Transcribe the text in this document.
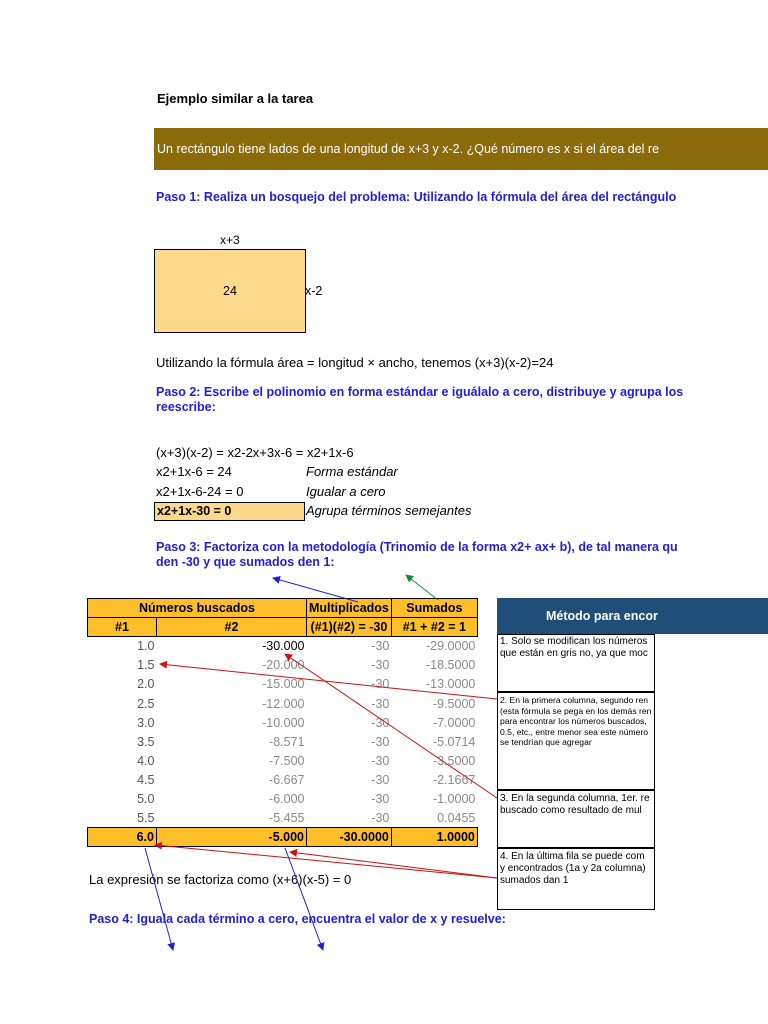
Ejemplo similar a la tarea
Un rectángulo tiene lados de una longitud de x+3 y x-2. ¿Qué número es x si el área del re
Paso 1: Realiza un bosquejo del problema: Utilizando la fórmula del área del rectángulo
x+3
24	x-2
Utilizando la fórmula área = longitud × ancho, tenemos (x+3)(x-2)=24
Paso 2: Escribe el polinomio en forma estándar e iguálalo a cero, distribuye y agrupa los
reescribe:
(x+3)(x-2) = x2-2x+3x-6 = x2+1x-6
x2+1x-6 = 24	Forma estándar
x2+1x-6-24 = 0	Igualar a cero
x2+1x-30 = 0	Agrupa términos semejantes
Paso 3: Factoriza con la metodología (Trinomio de la forma x2+ ax+ b), de tal manera qu
den -30 y que sumados den 1:
Números buscados		Multiplicados	Sumados
#1	#2	(#1)(#2) = -30	#1 + #2 = 1
1.0	-30.000	-30	-29.0000
1.5	-20.000	-30	-18.5000
2.0	-15.000	-30	-13.0000
2.5	-12.000	-30	-9.5000
3.0	-10.000	-30	-7.0000
3.5	-8.571	-30	-5.0714
4.0	-7.500	-30	-3.5000
4.5	-6.667	-30	-2.1667
5.0	-6.000	-30	-1.0000
5.5	-5.455	-30	0.0455
6.0	-5.000	-30.0000	1.0000
Método para encor
1. Solo se modifican los números
que están en gris no, ya que moc
2. En la primera columna, segundo ren
(esta fórmula se pega en los demás ren
para encontrar los números buscados,
0.5, etc., entre menor sea este número
se tendrían que agregar
3. En la segunda columna, 1er. re
buscado como resultado de mul
4. En la última fila se puede com
y encontrados (1a y 2a columna)
sumados dan 1
La expresión se factoriza como (x+6)(x-5) = 0
Paso 4: Iguala cada término a cero, encuentra el valor de x y resuelve:
